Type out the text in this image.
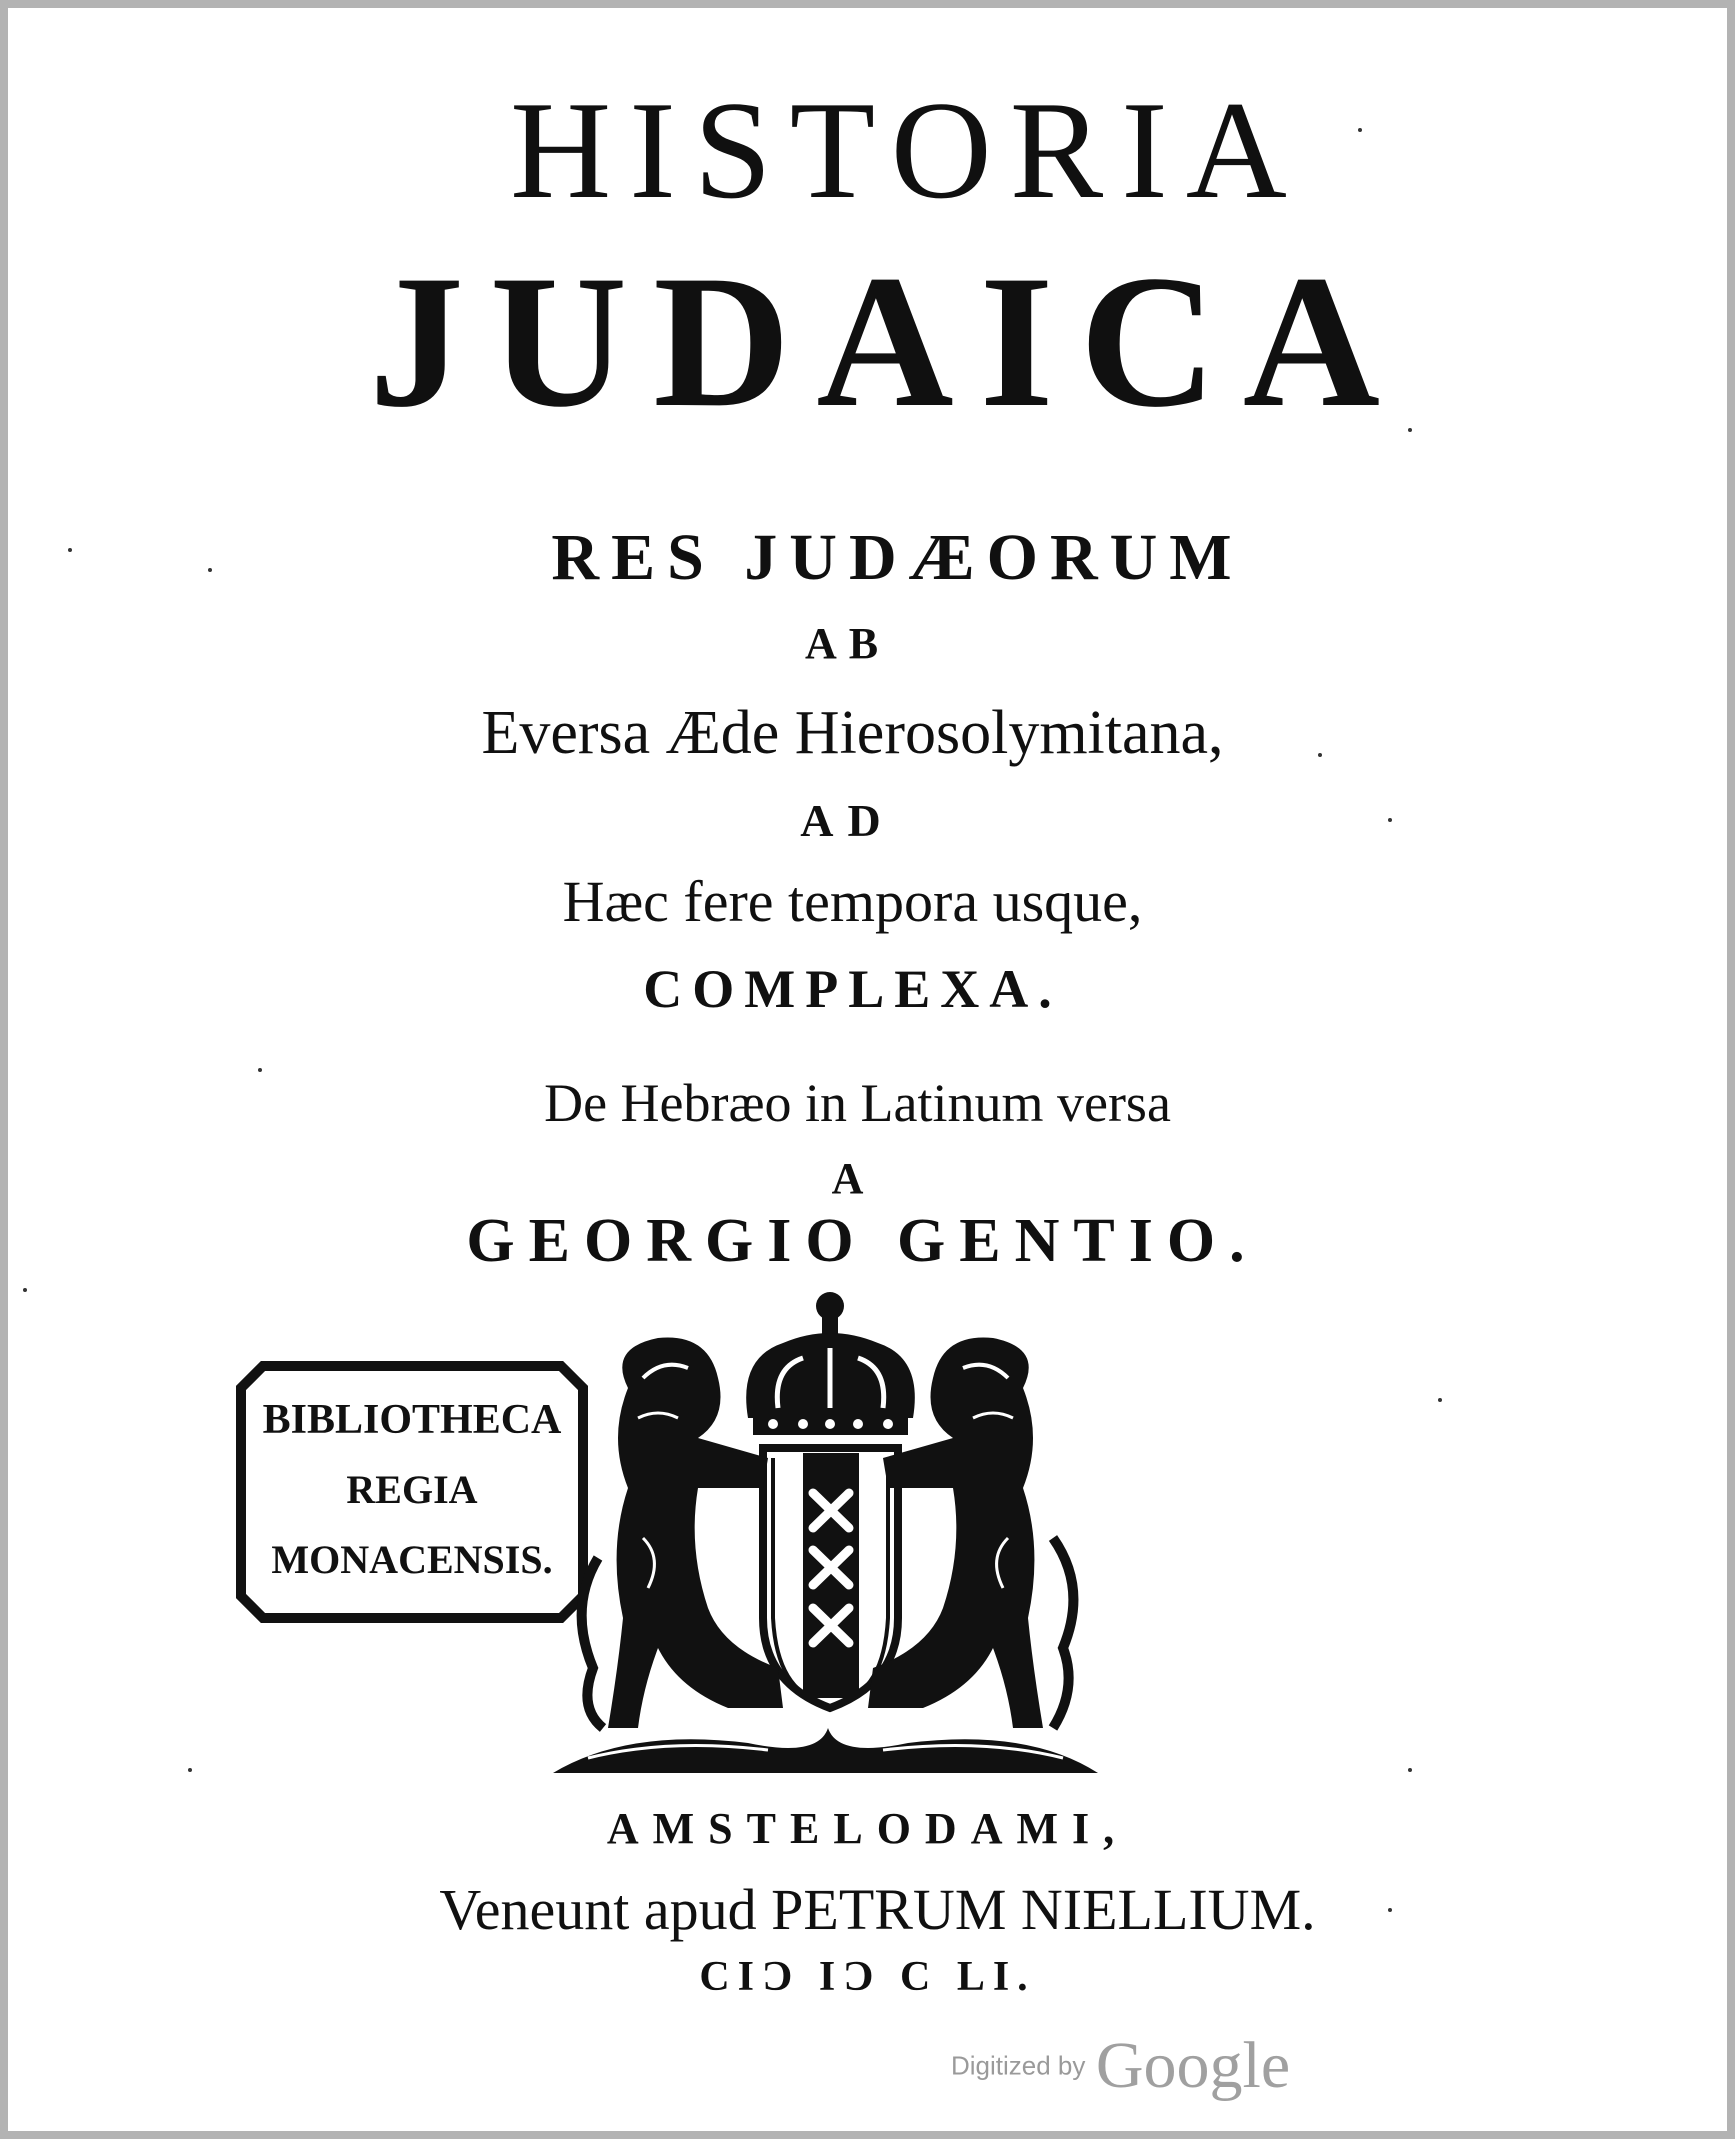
HISTORIA
JUDAICA
RES JUDÆORUM
AB
Eversa Æde Hierosolymitana,
AD
Hæc fere tempora usque,
COMPLEXA.
De Hebræo in Latinum versa
A
GEORGIO GENTIO.
BIBLIOTHECA
REGIA
MONACENSIS.
AMSTELODAMI,
Veneunt apud PETRUM NIELLIUM.
CIƆ IƆ C LI.
Digitized by Google
